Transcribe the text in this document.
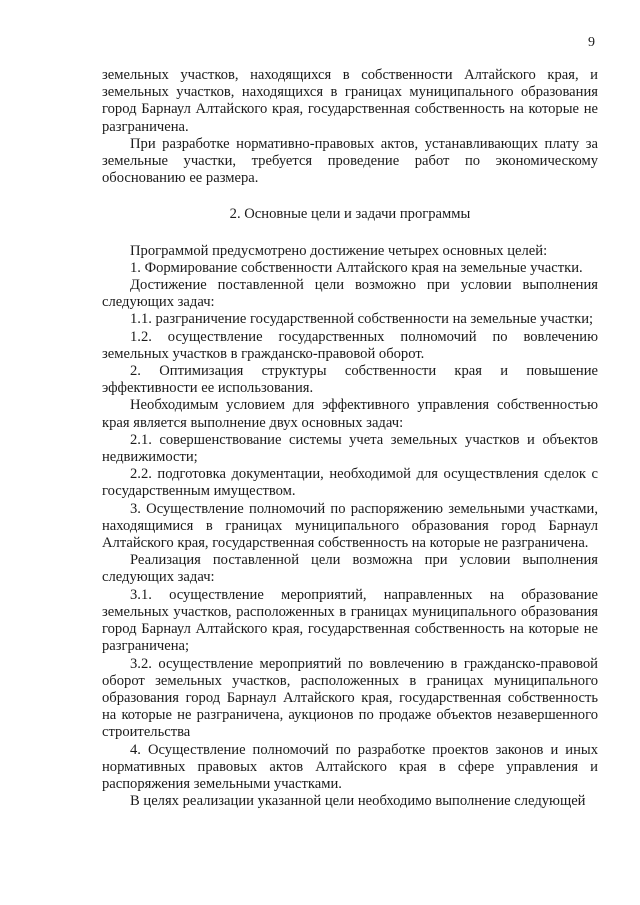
9

земельных участков, находящихся в собственности Алтайского края, и земельных участков, находящихся в границах муниципального образования город Барнаул Алтайского края, государственная собственность на которые не разграничена.

При разработке нормативно-правовых актов, устанавливающих плату за земельные участки, требуется проведение работ по экономическому обоснованию ее размера.

2. Основные цели и задачи программы

Программой предусмотрено достижение четырех основных целей:

1. Формирование собственности Алтайского края на земельные участки.

Достижение поставленной цели возможно при условии выполнения следующих задач:

1.1. разграничение государственной собственности на земельные участки;

1.2. осуществление государственных полномочий по вовлечению земельных участков в гражданско-правовой оборот.

2. Оптимизация структуры собственности края и повышение эффективности ее использования.

Необходимым условием для эффективного управления собственностью края является выполнение двух основных задач:

2.1. совершенствование системы учета земельных участков и объектов недвижимости;

2.2. подготовка документации, необходимой для осуществления сделок с государственным имуществом.

3. Осуществление полномочий по распоряжению земельными участками, находящимися в границах муниципального образования город Барнаул Алтайского края, государственная собственность на которые не разграничена.

Реализация поставленной цели возможна при условии выполнения следующих задач:

3.1. осуществление мероприятий, направленных на образование земельных участков, расположенных в границах муниципального образования город Барнаул Алтайского края, государственная собственность на которые не разграничена;

3.2. осуществление мероприятий по вовлечению в гражданско-правовой оборот земельных участков, расположенных в границах муниципального образования город Барнаул Алтайского края, государственная собственность на которые не разграничена, аукционов по продаже объектов незавершенного строительства

4. Осуществление полномочий по разработке проектов законов и иных нормативных правовых актов Алтайского края в сфере управления и распоряжения земельными участками.

В целях реализации указанной цели необходимо выполнение следующей
